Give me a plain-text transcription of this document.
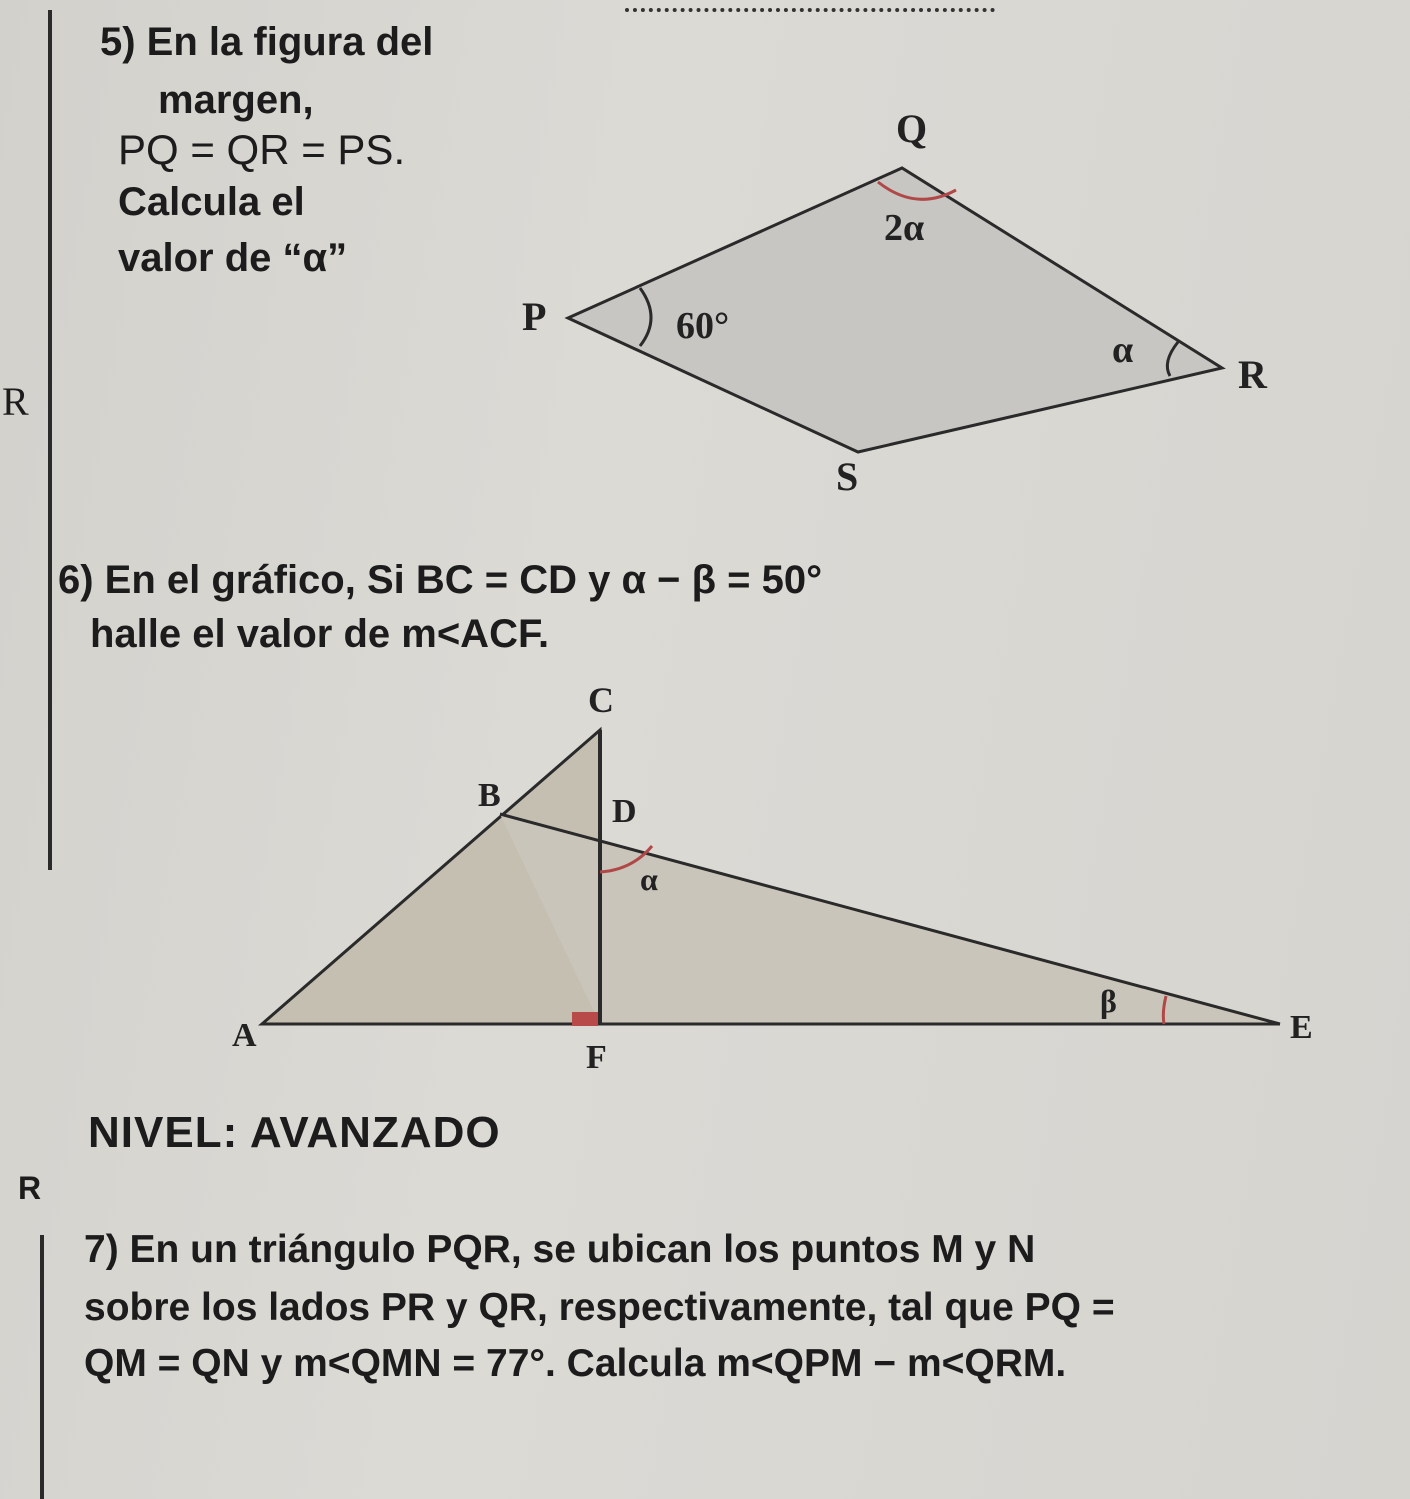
5) En la figura del
margen,
PQ = QR = PS.
Calcula el
valor de “α”
R
6) En el gráfico, Si BC = CD y α − β = 50°
halle el valor de m<ACF.
NIVEL: AVANZADO
R
7) En un triángulo PQR, se ubican los puntos M y N
sobre los lados PR y QR, respectivamente, tal que PQ =
QM = QN y m<QMN = 77°. Calcula m<QPM − m<QRM.
Q
P
R
S
2α
60°
α
C
B	D
A
F
E
α
β
